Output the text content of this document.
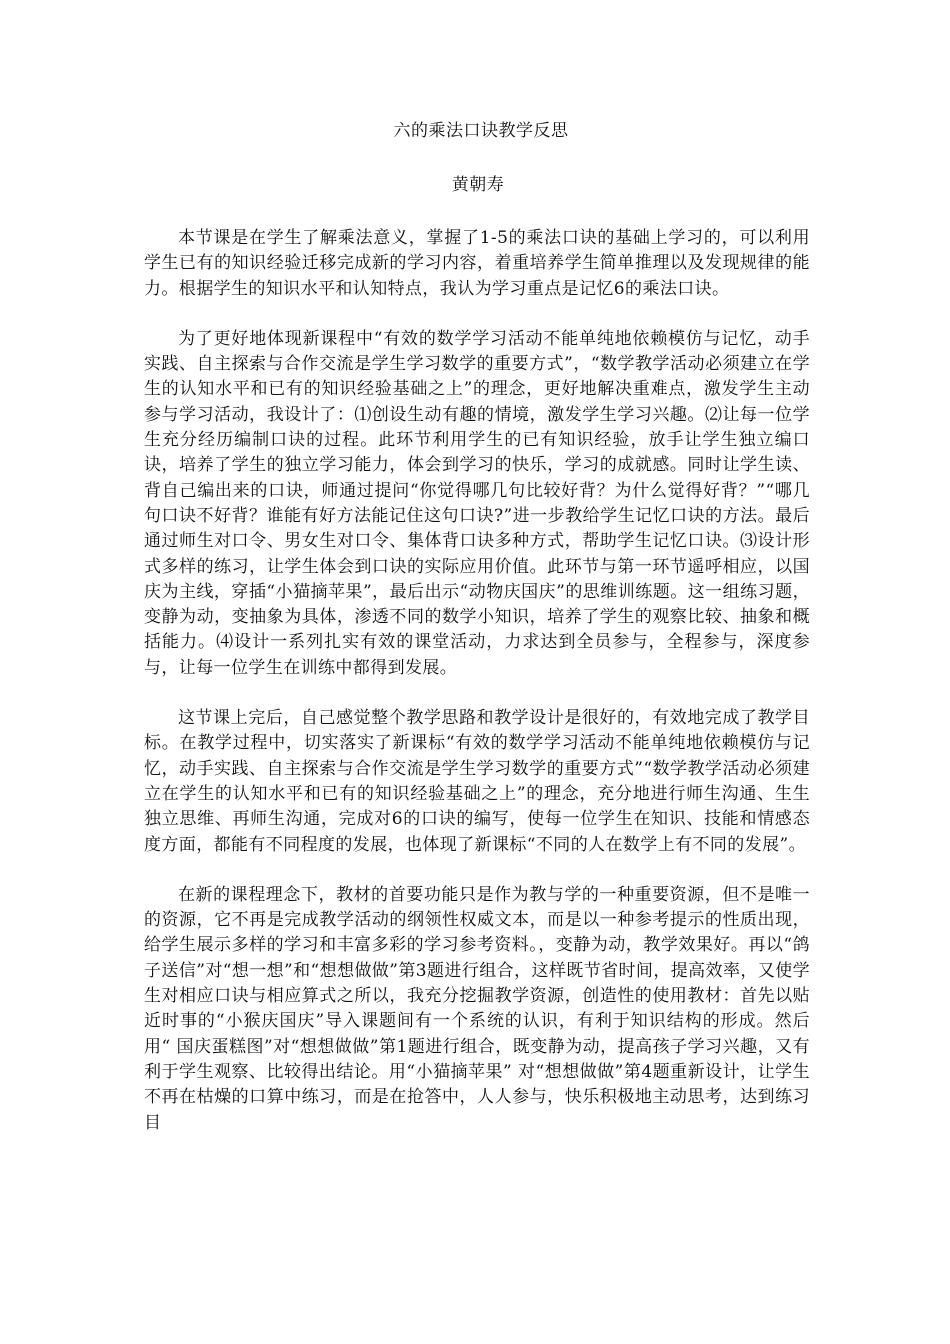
六的乘法口诀教学反思
黄朝寿

本节课是在学生了解乘法意义，掌握了1-5的乘法口诀的基础上学习的，可以利用学生已有的知识经验迁移完成新的学习内容，着重培养学生简单推理以及发现规律的能力。根据学生的知识水平和认知特点，我认为学习重点是记忆6的乘法口诀。

为了更好地体现新课程中“有效的数学学习活动不能单纯地依赖模仿与记忆，动手实践、自主探索与合作交流是学生学习数学的重要方式”，“数学教学活动必须建立在学生的认知水平和已有的知识经验基础之上”的理念，更好地解决重难点，激发学生主动参与学习活动，我设计了：⑴创设生动有趣的情境，激发学生学习兴趣。⑵让每一位学生充分经历编制口诀的过程。此环节利用学生的已有知识经验，放手让学生独立编口诀，培养了学生的独立学习能力，体会到学习的快乐，学习的成就感。同时让学生读、背自己编出来的口诀，师通过提问“你觉得哪几句比较好背？为什么觉得好背？”“哪几句口诀不好背？谁能有好方法能记住这句口诀?”进一步教给学生记忆口诀的方法。最后通过师生对口令、男女生对口令、集体背口诀多种方式，帮助学生记忆口诀。⑶设计形式多样的练习，让学生体会到口诀的实际应用价值。此环节与第一环节遥呼相应，以国庆为主线，穿插“小猫摘苹果”，最后出示“动物庆国庆”的思维训练题。这一组练习题，变静为动，变抽象为具体，渗透不同的数学小知识，培养了学生的观察比较、抽象和概括能力。⑷设计一系列扎实有效的课堂活动，力求达到全员参与，全程参与，深度参与，让每一位学生在训练中都得到发展。

这节课上完后，自己感觉整个教学思路和教学设计是很好的，有效地完成了教学目标。在教学过程中，切实落实了新课标“有效的数学学习活动不能单纯地依赖模仿与记忆，动手实践、自主探索与合作交流是学生学习数学的重要方式”“数学教学活动必须建立在学生的认知水平和已有的知识经验基础之上”的理念，充分地进行师生沟通、生生独立思维、再师生沟通，完成对6的口诀的编写，使每一位学生在知识、技能和情感态度方面，都能有不同程度的发展，也体现了新课标“不同的人在数学上有不同的发展”。

在新的课程理念下，教材的首要功能只是作为教与学的一种重要资源，但不是唯一的资源，它不再是完成教学活动的纲领性权威文本，而是以一种参考提示的性质出现，给学生展示多样的学习和丰富多彩的学习参考资料。，变静为动，教学效果好。再以“鸽子送信”对“想一想”和“想想做做”第3题进行组合，这样既节省时间，提高效率，又使学生对相应口诀与相应算式之所以，我充分挖掘教学资源，创造性的使用教材：首先以贴近时事的“小猴庆国庆”导入课题间有一个系统的认识，有利于知识结构的形成。然后用“ 国庆蛋糕图”对“想想做做”第1题进行组合，既变静为动，提高孩子学习兴趣，又有利于学生观察、比较得出结论。用“小猫摘苹果” 对“想想做做”第4题重新设计，让学生不再在枯燥的口算中练习，而是在抢答中，人人参与，快乐积极地主动思考，达到练习目
